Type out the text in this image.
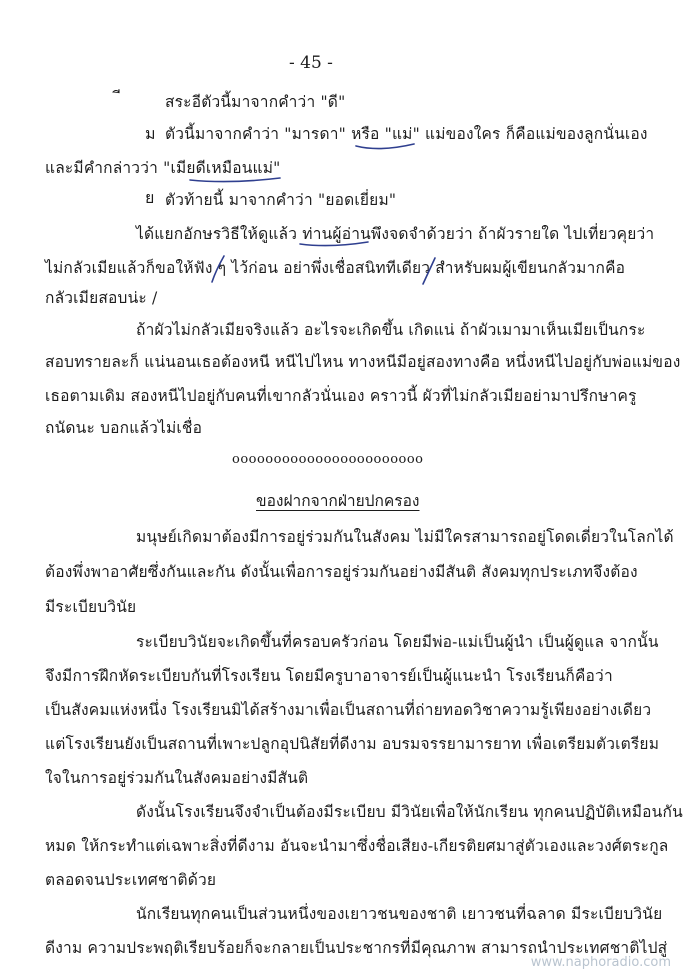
- 45 -
สระอีตัวนี้มาจากคำว่า "ดี"
ม ตัวนี้มาจากคำว่า "มารดา" หรือ "แม่" แม่ของใคร ก็คือแม่ของลูกนั่นเอง
และมีคำกล่าวว่า "เมียดีเหมือนแม่"
ย ตัวท้ายนี้ มาจากคำว่า "ยอดเยี่ยม"
ได้แยกอักษรวิธีให้ดูแล้ว ท่านผู้อ่านพึงจดจำด้วยว่า ถ้าผัวรายใด ไปเที่ยวคุยว่า
ไม่กลัวเมียแล้วก็ขอให้ฟัง ๆ ไว้ก่อน อย่าพึ่งเชื่อสนิททีเดียว สำหรับผมผู้เขียนกลัวมากคือ
กลัวเมียสอบน่ะ /
ถ้าผัวไม่กลัวเมียจริงแล้ว อะไรจะเกิดขึ้น เกิดแน่ ถ้าผัวเมามาเห็นเมียเป็นกระ
สอบทรายละก็ แน่นอนเธอต้องหนี หนีไปไหน ทางหนีมีอยู่สองทางคือ หนึ่งหนีไปอยู่กับพ่อแม่ของ
เธอตามเดิม สองหนีไปอยู่กับคนที่เขากลัวนั่นเอง คราวนี้ ผัวที่ไม่กลัวเมียอย่ามาปรึกษาครู
ถนัดนะ บอกแล้วไม่เชื่อ
ooooooooooooooooooooooo
ของฝากจากฝ่ายปกครอง
มนุษย์เกิดมาต้องมีการอยู่ร่วมกันในสังคม ไม่มีใครสามารถอยู่โดดเดี่ยวในโลกได้
ต้องพึ่งพาอาศัยซึ่งกันและกัน ดังนั้นเพื่อการอยู่ร่วมกันอย่างมีสันติ สังคมทุกประเภทจึงต้อง
มีระเบียบวินัย
ระเบียบวินัยจะเกิดขึ้นที่ครอบครัวก่อน โดยมีพ่อ-แม่เป็นผู้นำ เป็นผู้ดูแล จากนั้น
จึงมีการฝึกหัดระเบียบกันที่โรงเรียน โดยมีครูบาอาจารย์เป็นผู้แนะนำ โรงเรียนก็คือว่า
เป็นสังคมแห่งหนึ่ง โรงเรียนมิได้สร้างมาเพื่อเป็นสถานที่ถ่ายทอดวิชาความรู้เพียงอย่างเดียว
แต่โรงเรียนยังเป็นสถานที่เพาะปลูกอุปนิสัยที่ดีงาม อบรมจรรยามารยาท เพื่อเตรียมตัวเตรียม
ใจในการอยู่ร่วมกันในสังคมอย่างมีสันติ
ดังนั้นโรงเรียนจึงจำเป็นต้องมีระเบียบ มีวินัยเพื่อให้นักเรียน ทุกคนปฏิบัติเหมือนกัน
หมด ให้กระทำแต่เฉพาะสิ่งที่ดีงาม อันจะนำมาซึ่งชื่อเสียง-เกียรติยศมาสู่ตัวเองและวงศ์ตระกูล
ตลอดจนประเทศชาติด้วย
นักเรียนทุกคนเป็นส่วนหนึ่งของเยาวชนของชาติ เยาวชนที่ฉลาด มีระเบียบวินัย
ดีงาม ความประพฤติเรียบร้อยก็จะกลายเป็นประชากรที่มีคุณภาพ สามารถนำประเทศชาติไปสู่
www.naphoradio.com
